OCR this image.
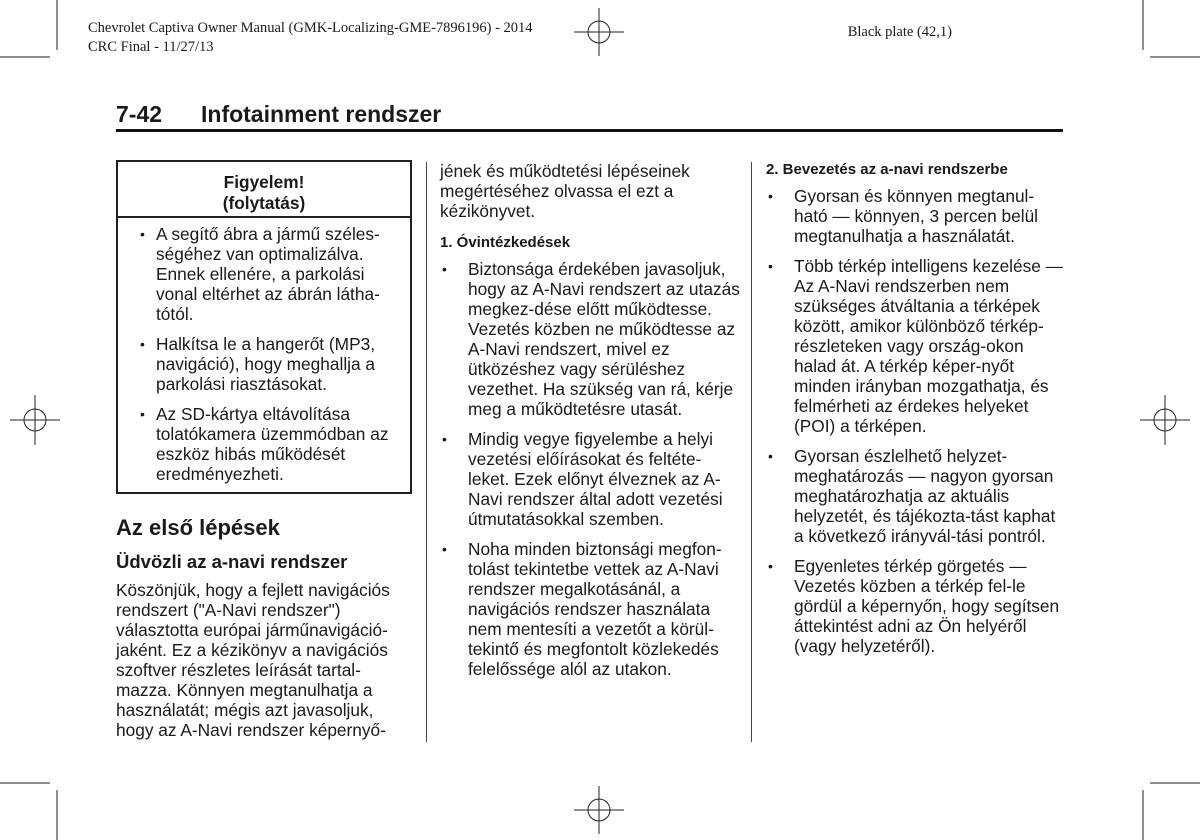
Chevrolet Captiva Owner Manual (GMK-Localizing-GME-7896196) - 2014
CRC Final - 11/27/13
Black plate (42,1)
7-42 Infotainment rendszer
Figyelem!
(folytatás)
• A segítő ábra a jármű széles-ségéhez van optimalizálva. Ennek ellenére, a parkolási vonal eltérhet az ábrán látha-tótól.
• Halkítsa le a hangerőt (MP3, navigáció), hogy meghallja a parkolási riasztásokat.
• Az SD-kártya eltávolítása tolatókamera üzemmódban az eszköz hibás működését eredményezheti.
Az első lépések
Üdvözli az a-navi rendszer

Köszönjük, hogy a fejlett navigációs rendszert ("A-Navi rendszer") választotta európai járműnavigáció-jaként. Ez a kézikönyv a navigációs szoftver részletes leírását tartal-mazza. Könnyen megtanulhatja a használatát; mégis azt javasoljuk, hogy az A-Navi rendszer képernyő-

jének és működtetési lépéseinek megértéséhez olvassa el ezt a kézikönyvet.

1. Óvintézkedések
• Biztonsága érdekében javasoljuk, hogy az A-Navi rendszert az utazás megkez-dése előtt működtesse. Vezetés közben ne működtesse az A-Navi rendszert, mivel ez ütközéshez vagy sérüléshez vezethet. Ha szükség van rá, kérje meg a működtetésre utasát.
• Mindig vegye figyelembe a helyi vezetési előírásokat és feltéte-leket. Ezek előnyt élveznek az A-Navi rendszer által adott vezetési útmutatásokkal szemben.
• Noha minden biztonsági megfon-tolást tekintetbe vettek az A-Navi rendszer megalkotásánál, a navigációs rendszer használata nem mentesíti a vezetőt a körül-tekintő és megfontolt közlekedés felelőssége alól az utakon.
2. Bevezetés az a-navi rendszerbe
• Gyorsan és könnyen megtanul-ható — könnyen, 3 percen belül megtanulhatja a használatát.
• Több térkép intelligens kezelése — Az A-Navi rendszerben nem szükséges átváltania a térképek között, amikor különböző térkép-részleteken vagy ország-okon halad át. A térkép képer-nyőt minden irányban mozgathatja, és felmérheti az érdekes helyeket (POI) a térképen.
• Gyorsan észlelhető helyzet-meghatározás — nagyon gyorsan meghatározhatja az aktuális helyzetét, és tájékozta-tást kaphat a következő irányvál-tási pontról.
• Egyenletes térkép görgetés — Vezetés közben a térkép fel-le gördül a képernyőn, hogy segítsen áttekintést adni az Ön helyéről (vagy helyzetéről).
